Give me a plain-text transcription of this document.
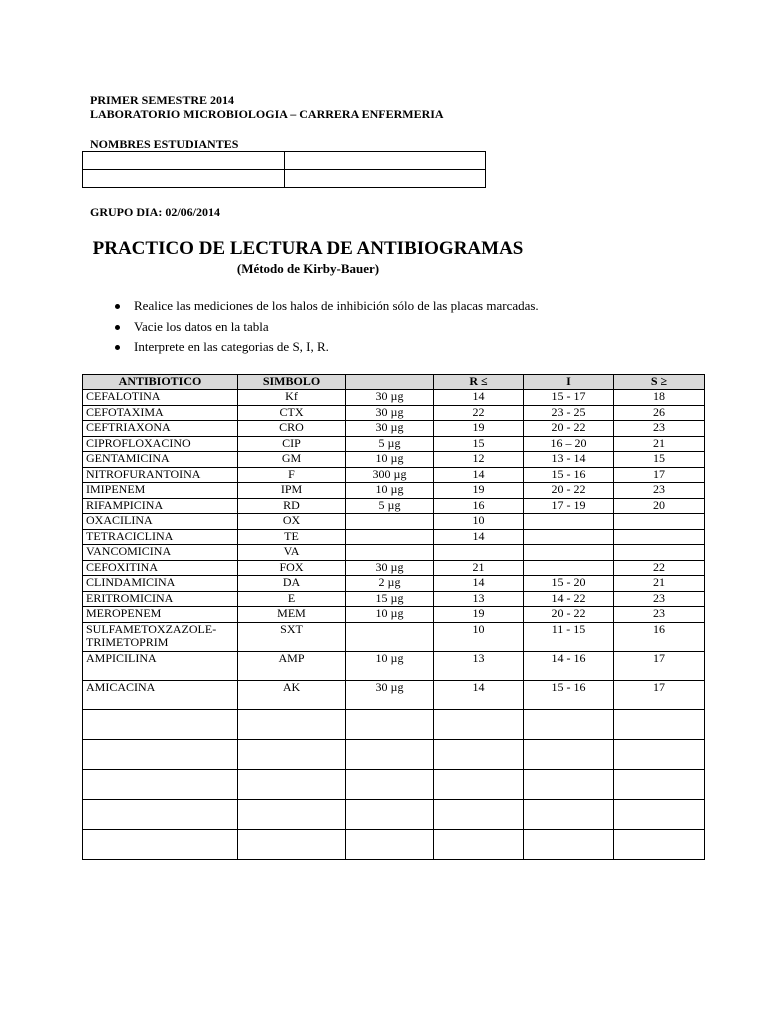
PRIMER SEMESTRE 2014
LABORATORIO MICROBIOLOGIA – CARRERA ENFERMERIA
NOMBRES ESTUDIANTES

GRUPO DIA: 02/06/2014
PRACTICO DE LECTURA DE ANTIBIOGRAMAS
(Método de Kirby-Bauer)
Realice las mediciones de los halos de inhibición sólo de las placas marcadas.
Vacie los datos en la tabla
Interprete en las categorias de S, I, R.
ANTIBIOTICO	SIMBOLO		R ≤	I	S ≥
CEFALOTINA	Kf	30 µg	14	15 - 17	18
CEFOTAXIMA	CTX	30 µg	22	23 - 25	26
CEFTRIAXONA	CRO	30 µg	19	20 - 22	23
CIPROFLOXACINO	CIP	5 µg	15	16 – 20	21
GENTAMICINA	GM	10 µg	12	13 - 14	15
NITROFURANTOINA	F	300 µg	14	15 - 16	17
IMIPENEM	IPM	10 µg	19	20 - 22	23
RIFAMPICINA	RD	5 µg	16	17 - 19	20
OXACILINA	OX		10		
TETRACICLINA	TE		14		
VANCOMICINA	VA				
CEFOXITINA	FOX	30 µg	21		22
CLINDAMICINA	DA	2 µg	14	15 - 20	21
ERITROMICINA	E	15 µg	13	14 - 22	23
MEROPENEM	MEM	10 µg	19	20 - 22	23
SULFAMETOXZAZOLE-
TRIMETOPRIM	SXT		10	11 - 15	16
AMPICILINA	AMP	10 µg	13	14 - 16	17
AMICACINA	AK	30 µg	14	15 - 16	17
